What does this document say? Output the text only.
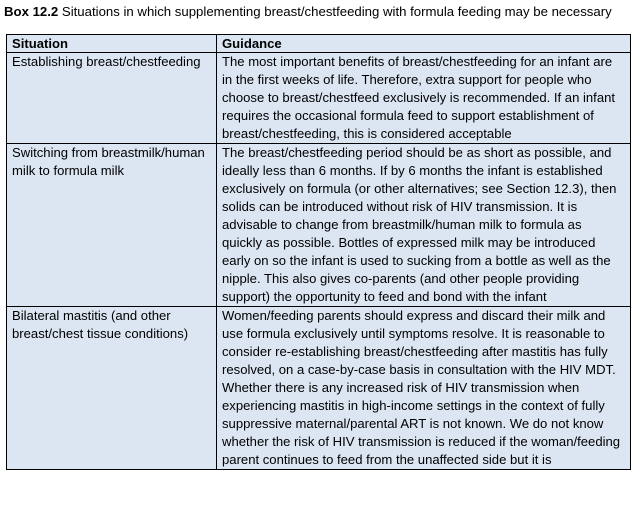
Box 12.2 Situations in which supplementing breast/chestfeeding with formula feeding may be necessary
Situation	Guidance

Establishing breast/chestfeeding	The most important benefits of breast/chestfeeding for an infant are in the first weeks of life. Therefore, extra support for people who choose to breast/chestfeed exclusively is recommended. If an infant requires the occasional formula feed to support establishment of breast/chestfeeding, this is considered acceptable

Switching from breastmilk/human milk to formula milk	The breast/chestfeeding period should be as short as possible, and ideally less than 6 months. If by 6 months the infant is established exclusively on formula (or other alternatives; see Section 12.3), then solids can be introduced without risk of HIV transmission. It is advisable to change from breastmilk/human milk to formula as quickly as possible. Bottles of expressed milk may be introduced early on so the infant is used to sucking from a bottle as well as the nipple. This also gives co-parents (and other people providing support) the opportunity to feed and bond with the infant

Bilateral mastitis (and other breast/chest tissue conditions)	Women/feeding parents should express and discard their milk and use formula exclusively until symptoms resolve. It is reasonable to consider re-establishing breast/chestfeeding after mastitis has fully resolved, on a case-by-case basis in consultation with the HIV MDT. Whether there is any increased risk of HIV transmission when experiencing mastitis in high-income settings in the context of fully suppressive maternal/parental ART is not known. We do not know whether the risk of HIV transmission is reduced if the woman/feeding parent continues to feed from the unaffected side but it is
